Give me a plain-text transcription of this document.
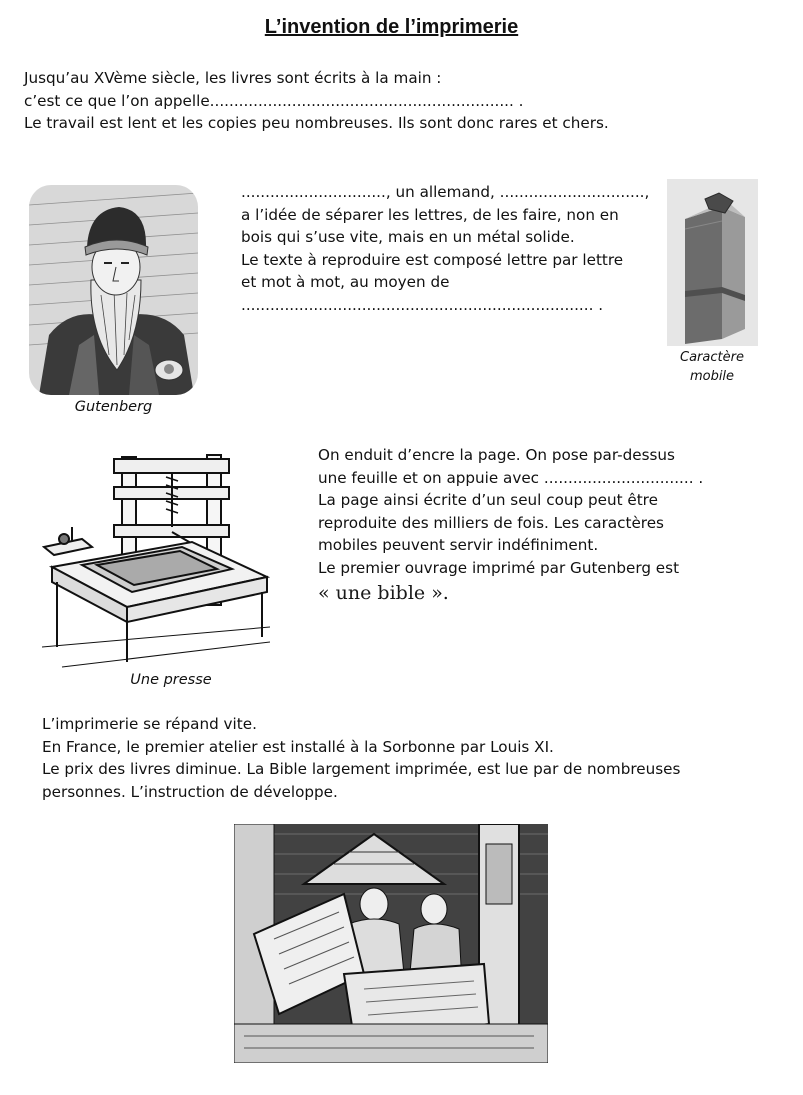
L’invention de l’imprimerie
Jusqu’au XVème siècle, les livres sont écrits à la main :
c’est ce que l’on appelle............................................................... .
Le travail est lent et les copies peu nombreuses. Ils sont donc rares et chers.
Gutenberg
.............................., un allemand, ..............................,
a l’idée de séparer les lettres, de les faire, non en
bois qui s’use vite, mais en un métal solide.
Le texte à reproduire est composé lettre par lettre
et mot à mot, au moyen de
......................................................................... .
Caractère
mobile
Une presse
On enduit d’encre la page. On pose par-dessus
une feuille et on appuie avec ............................... .
La page ainsi écrite d’un seul coup peut être
reproduite des milliers de fois. Les caractères
mobiles peuvent servir indéfiniment.
Le premier ouvrage imprimé par Gutenberg est
« une bible ».
L’imprimerie se répand vite.
En France, le premier atelier est installé à la Sorbonne par Louis XI.
Le prix des livres diminue. La Bible largement imprimée, est lue par de nombreuses
personnes. L’instruction de développe.
